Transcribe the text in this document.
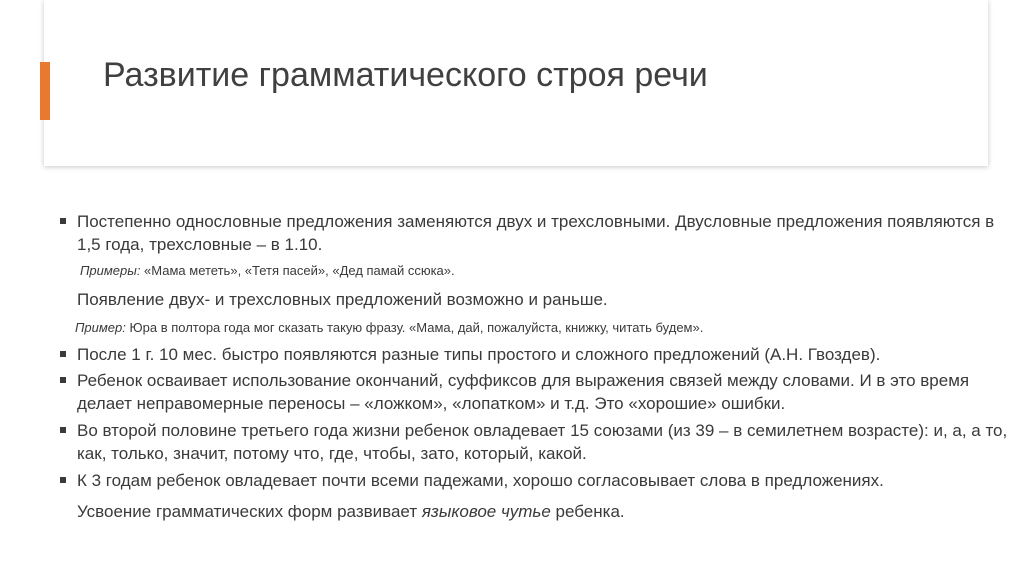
Развитие грамматического строя речи
Постепенно однословные предложения заменяются двух и трехсловными. Двусловные предложения появляются в 1,5 года, трехсловные – в 1.10.
Примеры: «Мама мететь», «Тетя пасей», «Дед памай ссюка».
Появление двух- и трехсловных предложений возможно и раньше.
Пример: Юра в полтора года мог сказать такую фразу. «Мама, дай, пожалуйста, книжку, читать будем».
После 1 г. 10 мес. быстро появляются разные типы простого и сложного предложений (А.Н. Гвоздев).
Ребенок осваивает использование окончаний, суффиксов для выражения связей между словами. И в это время делает неправомерные переносы – «ложком», «лопатком» и т.д. Это «хорошие» ошибки.
Во второй половине третьего года жизни ребенок овладевает 15 союзами (из 39 – в семилетнем возрасте): и, а, а то, как, только, значит, потому что, где, чтобы, зато, который, какой.
К 3 годам ребенок овладевает почти всеми падежами, хорошо согласовывает слова в предложениях.
Усвоение грамматических форм развивает языковое чутье ребенка.
